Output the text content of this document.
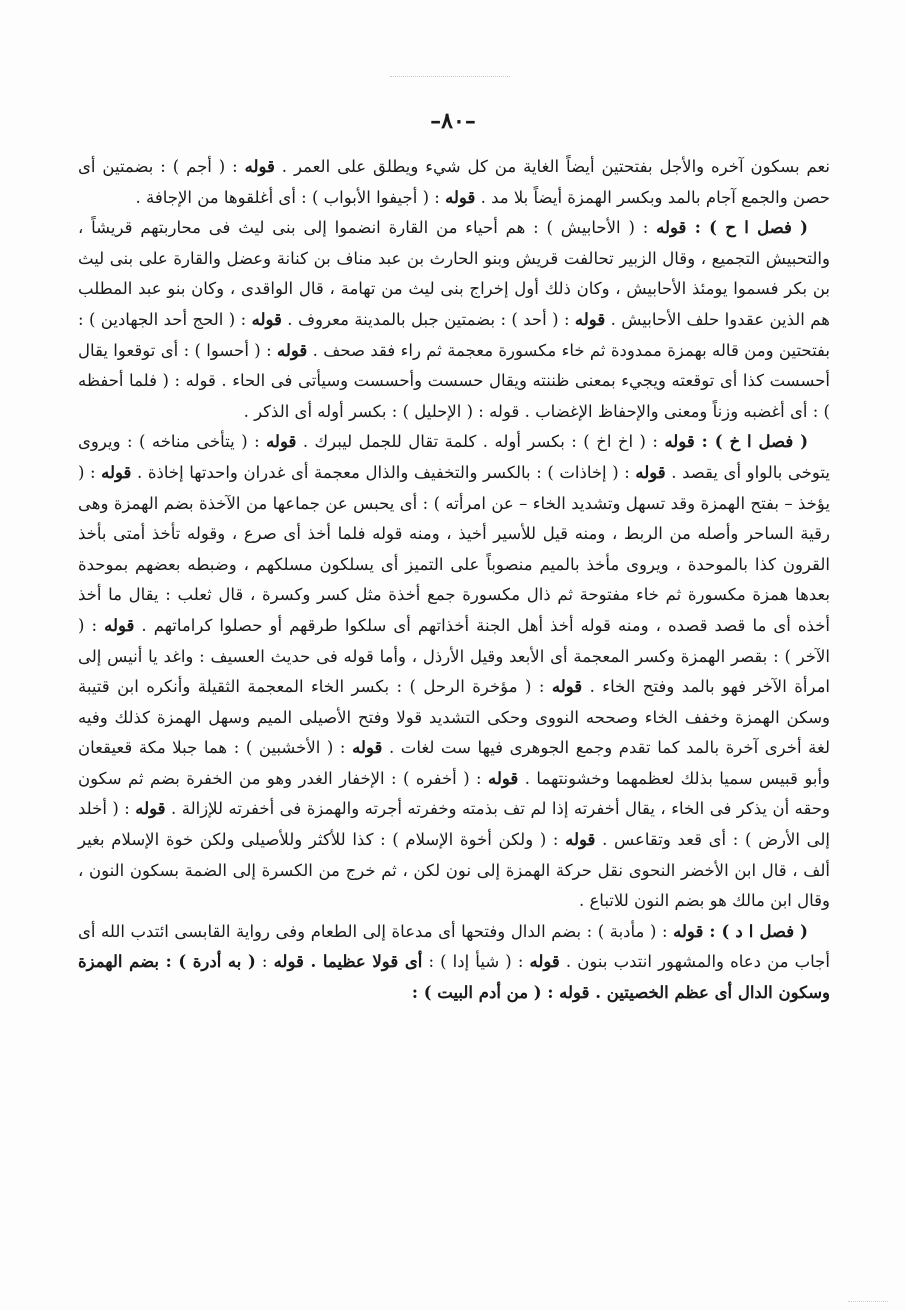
–٨٠–

نعم بسكون آخره والأجل بفتحتين أيضاً الغاية من كل شيء ويطلق على العمر . قوله : ( أجم ) : بضمتين أى حصن والجمع آجام بالمد وبكسر الهمزة أيضاً بلا مد . قوله : ( أجيفوا الأبواب ) : أى أغلقوها من الإجافة .

( فصل ا ح ) : قوله : ( الأحابيش ) : هم أحياء من القارة انضموا إلى بنى ليث فى محاربتهم قريشاً ، والتحبيش التجميع ، وقال الزبير تحالفت قريش وبنو الحارث بن عبد مناف بن كنانة وعضل والقارة على بنى ليث بن بكر فسموا يومئذ الأحابيش ، وكان ذلك أول إخراج بنى ليث من تهامة ، قال الواقدى ، وكان بنو عبد المطلب هم الذين عقدوا حلف الأحابيش . قوله : ( أحد ) : بضمتين جبل بالمدينة معروف . قوله : ( الحج أحد الجهادين ) : بفتحتين ومن قاله بهمزة ممدودة ثم خاء مكسورة معجمة ثم راء فقد صحف . قوله : ( أحسوا ) : أى توقعوا يقال أحسست كذا أى توقعته ويجيء بمعنى ظننته ويقال حسست وأحسست وسيأتى فى الحاء . قوله : ( فلما أحفظه ) : أى أغضبه وزناً ومعنى والإحفاظ الإغضاب . قوله : ( الإحليل ) : بكسر أوله أى الذكر .

( فصل ا خ ) : قوله : ( اخ اخ ) : بكسر أوله . كلمة تقال للجمل ليبرك . قوله : ( يتأخى مناخه ) : ويروى يتوخى بالواو أى يقصد . قوله : ( إخاذات ) : بالكسر والتخفيف والذال معجمة أى غدران واحدتها إخاذة . قوله : ( يؤخذ – بفتح الهمزة وقد تسهل وتشديد الخاء – عن امرأته ) : أى يحبس عن جماعها من الآخذة بضم الهمزة وهى رقية الساحر وأصله من الربط ، ومنه قيل للأسير أخيذ ، ومنه قوله فلما أخذ أى صرع ، وقوله تأخذ أمتى بأخذ القرون كذا بالموحدة ، ويروى مأخذ بالميم منصوباً على التميز أى يسلكون مسلكهم ، وضبطه بعضهم بموحدة بعدها همزة مكسورة ثم خاء مفتوحة ثم ذال مكسورة جمع أخذة مثل كسر وكسرة ، قال ثعلب : يقال ما أخذ أخذه أى ما قصد قصده ، ومنه قوله أخذ أهل الجنة أخذاتهم أى سلكوا طرقهم أو حصلوا كراماتهم . قوله : ( الآخر ) : بقصر الهمزة وكسر المعجمة أى الأبعد وقيل الأرذل ، وأما قوله فى حديث العسيف : واغد يا أنيس إلى امرأة الآخر فهو بالمد وفتح الخاء . قوله : ( مؤخرة الرحل ) : بكسر الخاء المعجمة الثقيلة وأنكره ابن قتيبة وسكن الهمزة وخفف الخاء وصححه النووى وحكى التشديد قولا وفتح الأصيلى الميم وسهل الهمزة كذلك وفيه لغة أخرى آخرة بالمد كما تقدم وجمع الجوهرى فيها ست لغات . قوله : ( الأخشبين ) : هما جبلا مكة قعيقعان وأبو قبيس سميا بذلك لعظمهما وخشونتهما . قوله : ( أخفره ) : الإخفار الغدر وهو من الخفرة بضم ثم سكون وحقه أن يذكر فى الخاء ، يقال أخفرته إذا لم تف بذمته وخفرته أجرته والهمزة فى أخفرته للإزالة . قوله : ( أخلد إلى الأرض ) : أى قعد وتقاعس . قوله : ( ولكن أخوة الإسلام ) : كذا للأكثر وللأصيلى ولكن خوة الإسلام بغير ألف ، قال ابن الأخضر النحوى نقل حركة الهمزة إلى نون لكن ، ثم خرج من الكسرة إلى الضمة بسكون النون ، وقال ابن مالك هو بضم النون للاتباع .

( فصل ا د ) : قوله : ( مأدبة ) : بضم الدال وفتحها أى مدعاة إلى الطعام وفى رواية القابسى ائتدب الله أى أجاب من دعاه والمشهور انتدب بنون . قوله : ( شيأ إدا ) : أى قولا عظيما . قوله : ( به أدرة ) : بضم الهمزة وسكون الدال أى عظم الخصيتين . قوله : ( من أدم البيت ) :
